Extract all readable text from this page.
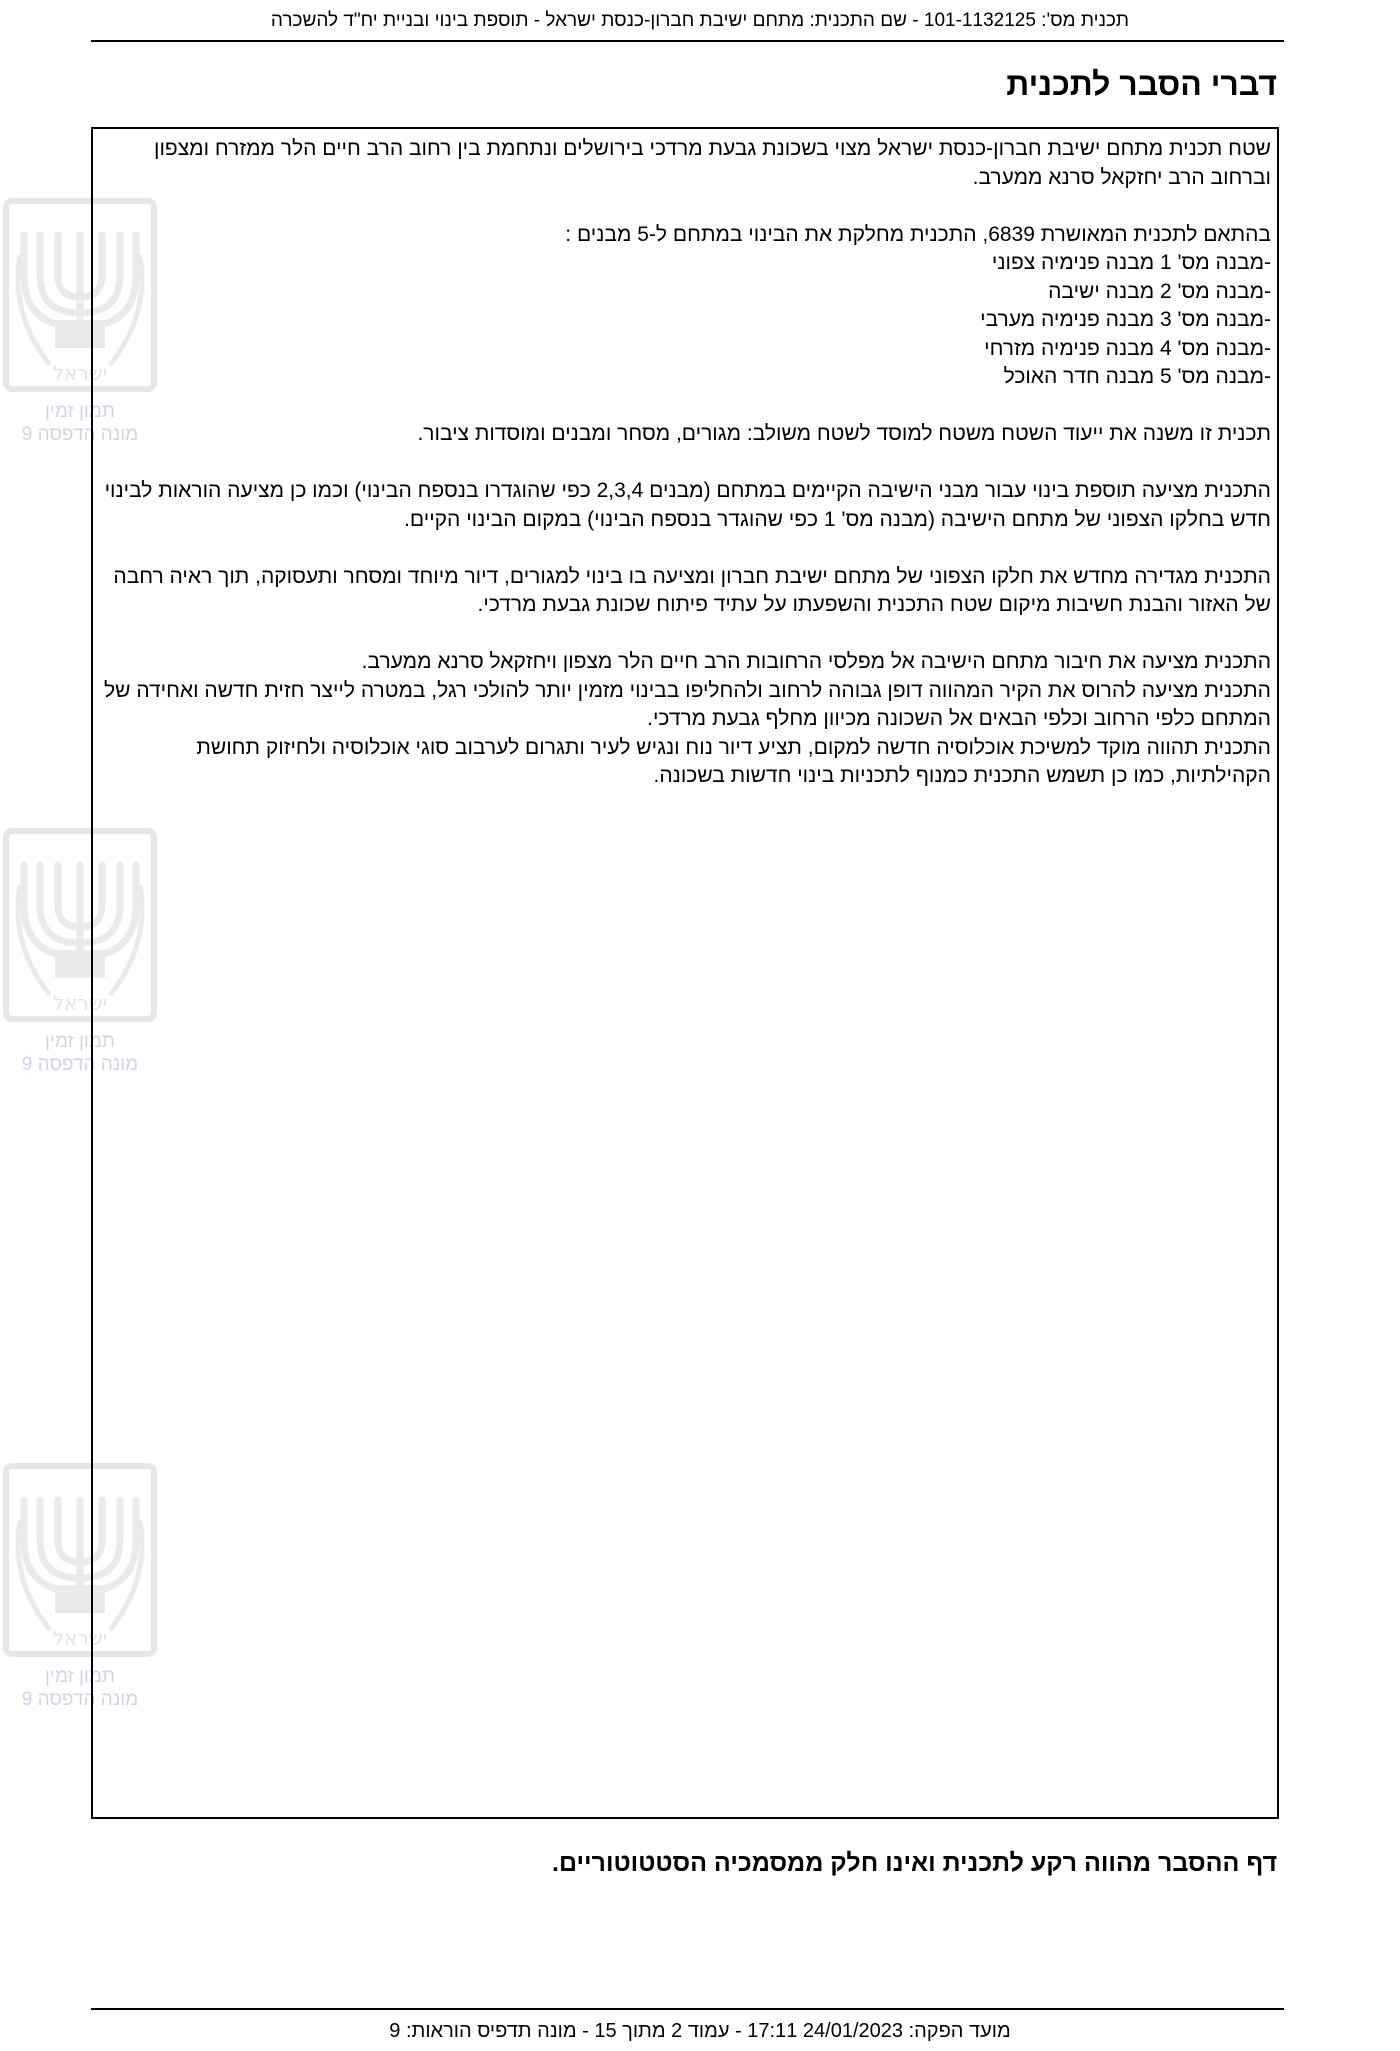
תכנית מס': 101-1132125 - שם התכנית: מתחם ישיבת חברון-כנסת ישראל - תוספת בינוי ובניית יח"ד להשכרה
ישראל
תמון זמין
מונה הדפסה 9
ישראל
תמון זמין
מונה הדפסה 9
ישראל
תמון זמין
מונה הדפסה 9
דברי הסבר לתכנית

שטח תכנית מתחם ישיבת חברון-כנסת ישראל מצוי בשכונת גבעת מרדכי בירושלים ונתחמת בין רחוב הרב חיים הלר ממזרח ומצפון וברחוב הרב יחזקאל סרנא ממערב.

בהתאם לתכנית המאושרת 6839, התכנית מחלקת את הבינוי במתחם ל-5 מבנים :
-מבנה מס' 1 מבנה פנימיה צפוני
-מבנה מס' 2 מבנה ישיבה
-מבנה מס' 3 מבנה פנימיה מערבי
-מבנה מס' 4 מבנה פנימיה מזרחי
-מבנה מס' 5 מבנה חדר האוכל

תכנית זו משנה את ייעוד השטח משטח למוסד לשטח משולב: מגורים, מסחר ומבנים ומוסדות ציבור.

התכנית מציעה תוספת בינוי עבור מבני הישיבה הקיימים במתחם (מבנים 2,3,4 כפי שהוגדרו בנספח הבינוי) וכמו כן מציעה הוראות לבינוי חדש בחלקו הצפוני של מתחם הישיבה (מבנה מס' 1 כפי שהוגדר בנספח הבינוי) במקום הבינוי הקיים.

התכנית מגדירה מחדש את חלקו הצפוני של מתחם ישיבת חברון ומציעה בו בינוי למגורים, דיור מיוחד ומסחר ותעסוקה, תוך ראיה רחבה של האזור והבנת חשיבות מיקום שטח התכנית והשפעתו על עתיד פיתוח שכונת גבעת מרדכי.

התכנית מציעה את חיבור מתחם הישיבה אל מפלסי הרחובות הרב חיים הלר מצפון ויחזקאל סרנא ממערב.
התכנית מציעה להרוס את הקיר המהווה דופן גבוהה לרחוב ולהחליפו בבינוי מזמין יותר להולכי רגל, במטרה לייצר חזית חדשה ואחידה של המתחם כלפי הרחוב וכלפי הבאים אל השכונה מכיוון מחלף גבעת מרדכי.
התכנית תהווה מוקד למשיכת אוכלוסיה חדשה למקום, תציע דיור נוח ונגיש לעיר ותגרום לערבוב סוגי אוכלוסיה ולחיזוק תחושת הקהילתיות, כמו כן תשמש התכנית כמנוף לתכניות בינוי חדשות בשכונה.
דף ההסבר מהווה רקע לתכנית ואינו חלק ממסמכיה הסטטוטוריים.
מועד הפקה: 24/01/2023 17:11 - עמוד 2 מתוך 15 - מונה תדפיס הוראות: 9
